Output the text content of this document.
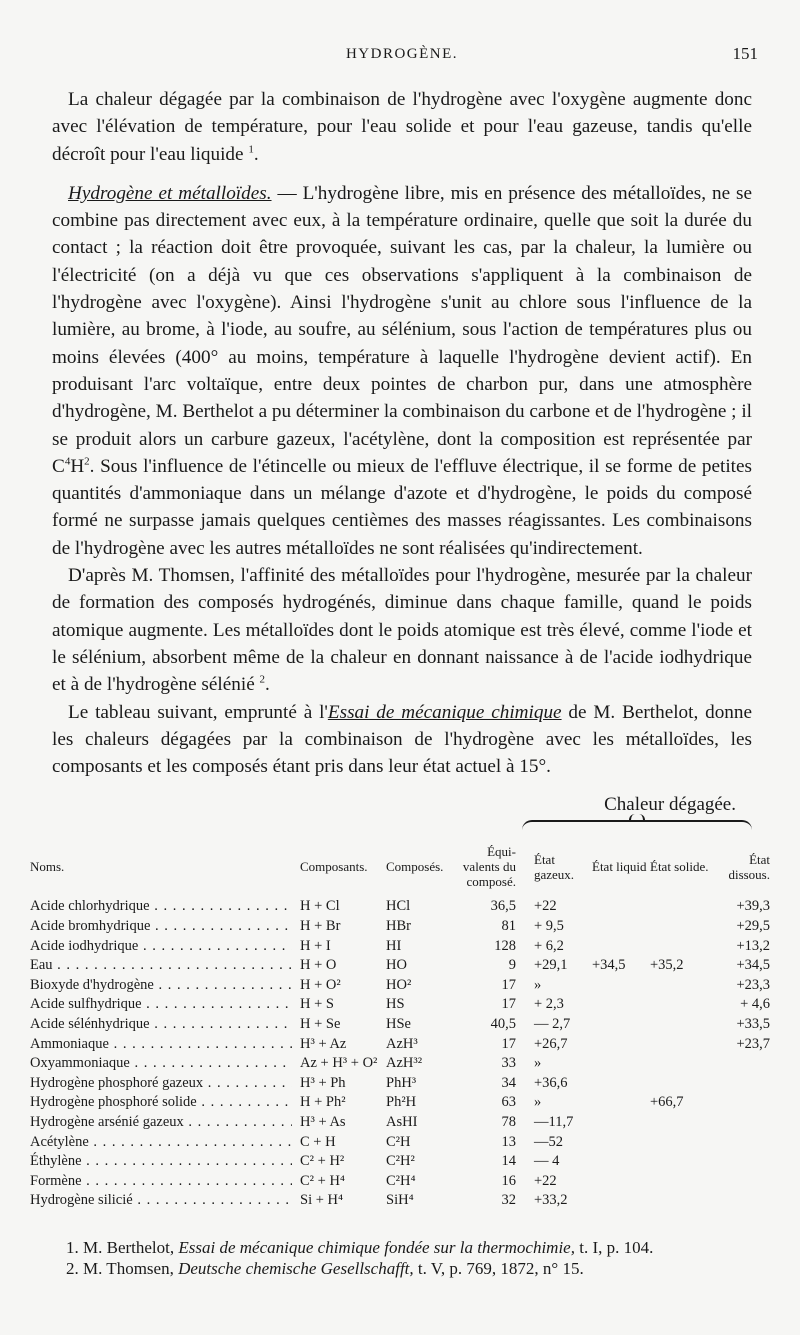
HYDROGÈNE.	151

La chaleur dégagée par la combinaison de l'hydrogène avec l'oxygène augmente donc avec l'élévation de température, pour l'eau solide et pour l'eau gazeuse, tandis qu'elle décroît pour l'eau liquide $^1$.

Hydrogène et métalloïdes. — L'hydrogène libre, mis en présence des métalloïdes, ne se combine pas directement avec eux, à la température ordinaire, quelle que soit la durée du contact ; la réaction doit être provoquée, suivant les cas, par la chaleur, la lumière ou l'électricité (on a déjà vu que ces observations s'appliquent à la combinaison de l'hydrogène avec l'oxygène). Ainsi l'hydrogène s'unit au chlore sous l'influence de la lumière, au brome, à l'iode, au soufre, au sélénium, sous l'action de températures plus ou moins élevées (400° au moins, température à laquelle l'hydrogène devient actif). En produisant l'arc voltaïque, entre deux pointes de charbon pur, dans une atmosphère d'hydrogène, M. Berthelot a pu déterminer la combinaison du carbone et de l'hydrogène ; il se produit alors un carbure gazeux, l'acétylène, dont la composition est représentée par $C^4H^2$. Sous l'influence de l'étincelle ou mieux de l'effluve électrique, il se forme de petites quantités d'ammoniaque dans un mélange d'azote et d'hydrogène, le poids du composé formé ne surpasse jamais quelques centièmes des masses réagissantes. Les combinaisons de l'hydrogène avec les autres métalloïdes ne sont réalisées qu'indirectement.

D'après M. Thomsen, l'affinité des métalloïdes pour l'hydrogène, mesurée par la chaleur de formation des composés hydrogénés, diminue dans chaque famille, quand le poids atomique augmente. Les métalloïdes dont le poids atomique est très élevé, comme l'iode et le sélénium, absorbent même de la chaleur en donnant naissance à de l'acide iodhydrique et à de l'hydrogène sélénié $^2$.

Le tableau suivant, emprunté à l'Essai de mécanique chimique de M. Berthelot, donne les chaleurs dégagées par la combinaison de l'hydrogène avec les métalloïdes, les composants et les composés étant pris dans leur état actuel à 15°.

Chaleur dégagée.
Noms.	Composants.	Composés.	Équi-valents du composé.	État gazeux.	État liquid	État solide.	État dissous.

Acide chlorhydrique . . .	H + Cl	HCl	36,5	+22			+39,3

Acide bromhydrique . . .	H + Br	HBr	81	+ 9,5			+29,5

Acide iodhydrique . . .	H + I	HI	128	+ 6,2			+13,2

Eau . . .	H + O	HO	9	+29,1	+34,5	+35,2	+34,5

Bioxyde d'hydrogène . . .	H + O²	HO²	17	»			+23,3

Acide sulfhydrique . . .	H + S	HS	17	+ 2,3			+ 4,6

Acide sélénhydrique . . .	H + Se	HSe	40,5	— 2,7			+33,5

Ammoniaque . . .	H³ + Az	AzH³	17	+26,7			+23,7

Oxyammoniaque . . .	Az + H³ + O²	AzH³²	33	»			

Hydrogène phosphoré gazeux . . .	H³ + Ph	PhH³	34	+36,6			

Hydrogène phosphoré solide . . .	H + Ph²	Ph²H	63	»		+66,7	

Hydrogène arsénié gazeux . . .	H³ + As	AsHI	78	—11,7			

Acétylène . . .	C + H	C²H	13	—52			

Éthylène . . .	C² + H²	C²H²	14	— 4			

Formène . . .	C² + H⁴	C²H⁴	16	+22			

Hydrogène silicié . . .	Si + H⁴	SiH⁴	32	+33,2			
1. M. Berthelot, Essai de mécanique chimique fondée sur la thermochimie, t. I, p. 104.
2. M. Thomsen, Deutsche chemische Gesellschafft, t. V, p. 769, 1872, n° 15.
